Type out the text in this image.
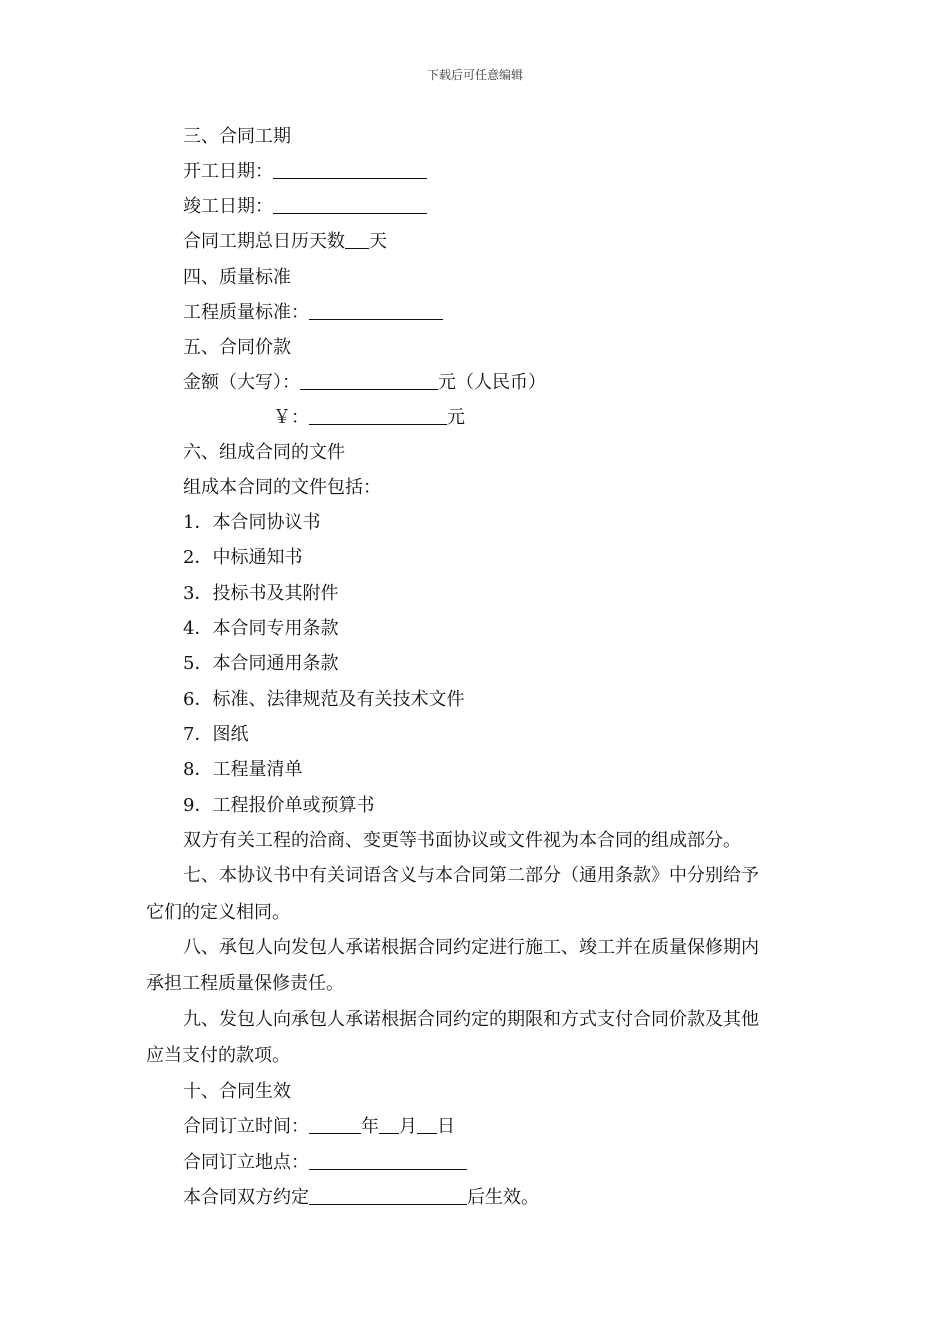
下载后可任意编辑
三、合同工期
开工日期：
竣工日期：
合同工期总日历天数 天
四、质量标准
工程质量标准：
五、合同价款
金额（大写）：	元（人民币）
￥：	元
六、组成合同的文件
组成本合同的文件包括：
1．本合同协议书
2．中标通知书
3．投标书及其附件
4．本合同专用条款
5．本合同通用条款
6．标准、法律规范及有关技术文件
7．图纸
8．工程量清单
9．工程报价单或预算书
双方有关工程的洽商、变更等书面协议或文件视为本合同的组成部分。
七、本协议书中有关词语含义与本合同第二部分（通用条款》中分别给予
它们的定义相同。
八、承包人向发包人承诺根据合同约定进行施工、竣工并在质量保修期内
承担工程质量保修责任。
九、发包人向承包人承诺根据合同约定的期限和方式支付合同价款及其他
应当支付的款项。
十、合同生效
合同订立时间：	年 月 日
合同订立地点：
本合同双方约定	后生效。
